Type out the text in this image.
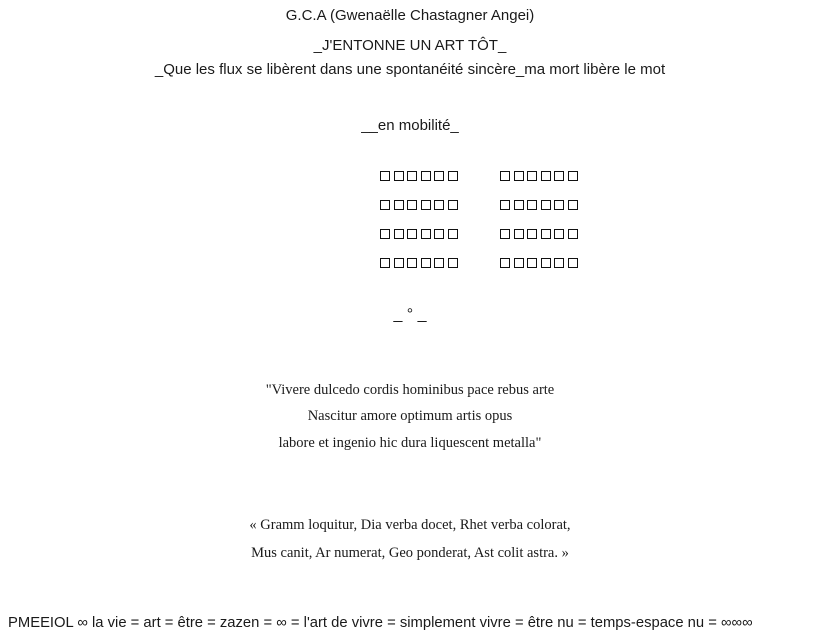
G.C.A (Gwenaëlle Chastagner Angei)
_J'ENTONNE UN ART TÔT_
_Que les flux se libèrent dans une spontanéité sincère_ma mort libère le mot
__en mobilité_
_ ° _
"Vivere dulcedo cordis hominibus pace rebus arte
Nascitur amore optimum artis opus
labore et ingenio hic dura liquescent metalla"
« Gramm loquitur, Dia verba docet, Rhet verba colorat,
Mus canit, Ar numerat, Geo ponderat, Ast colit astra. »
PMEEIOL ∞ la vie = art = être = zazen = ∞ = l'art de vivre = simplement vivre = être nu = temps-espace nu = ∞∞∞
